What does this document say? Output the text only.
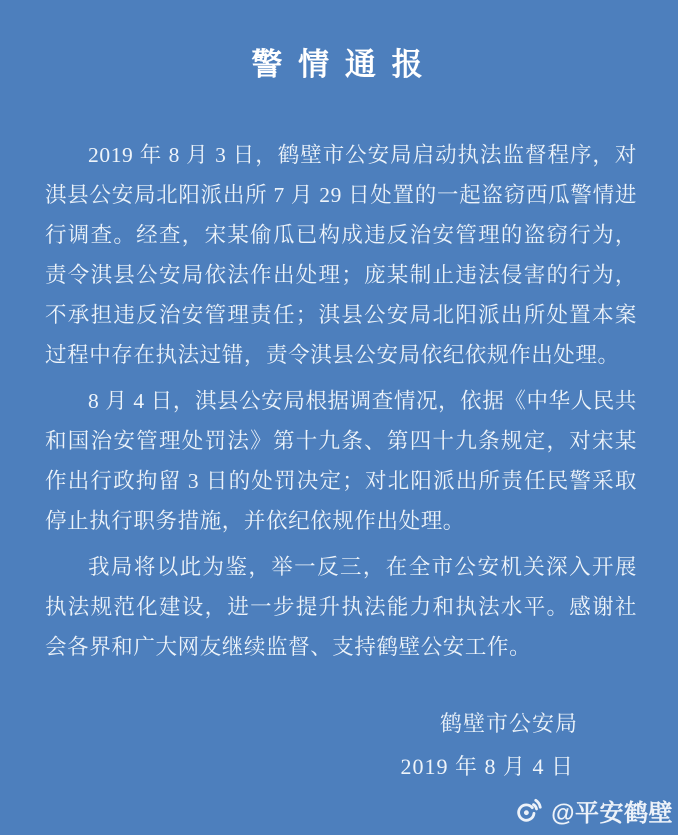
警 情 通 报

2019 年 8 月 3 日，鹤壁市公安局启动执法监督程序，对淇县公安局北阳派出所 7 月 29 日处置的一起盗窃西瓜警情进行调查。经查，宋某偷瓜已构成违反治安管理的盗窃行为，责令淇县公安局依法作出处理；庞某制止违法侵害的行为，不承担违反治安管理责任；淇县公安局北阳派出所处置本案过程中存在执法过错，责令淇县公安局依纪依规作出处理。

8 月 4 日，淇县公安局根据调查情况，依据《中华人民共和国治安管理处罚法》第十九条、第四十九条规定，对宋某作出行政拘留 3 日的处罚决定；对北阳派出所责任民警采取停止执行职务措施，并依纪依规作出处理。

我局将以此为鉴，举一反三，在全市公安机关深入开展执法规范化建设，进一步提升执法能力和执法水平。感谢社会各界和广大网友继续监督、支持鹤壁公安工作。

鹤壁市公安局
2019 年 8 月 4 日
@平安鹤壁
